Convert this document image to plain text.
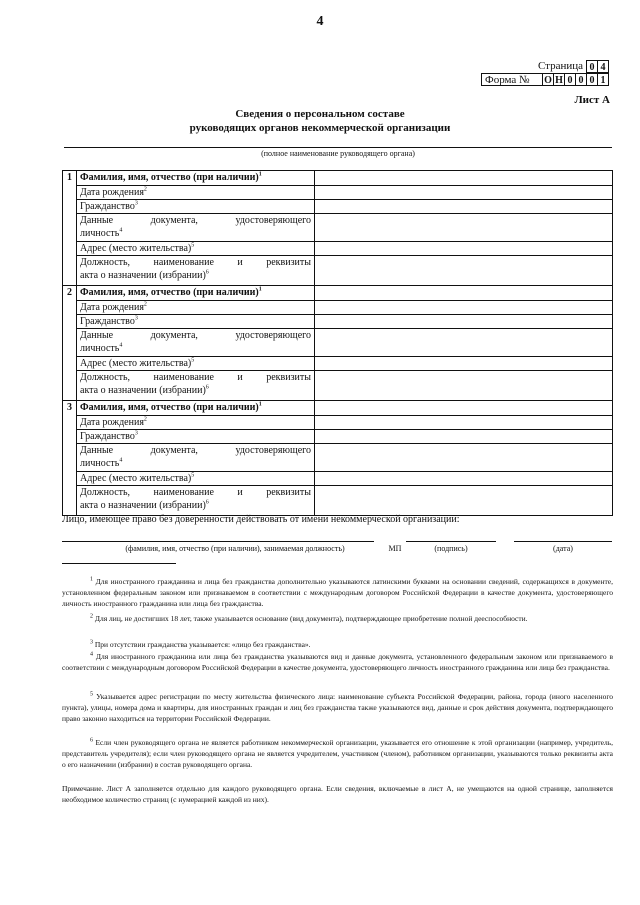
4
Страница 0 4
Форма №	О Н 0 0 0 1
Лист А
Сведения о персональном составе
руководящих органов некоммерческой организации
(полное наименование руководящего органа)
1	Фамилия, имя, отчество (при наличии)$^1$	
	Дата рождения$^2$	
	Гражданство$^3$	

	Данные документа, удостоверяющего
личность$^4$	
	Адрес (место жительства)$^5$	

	Должность, наименование и реквизиты
акта о назначении (избрании)$^6$	
2	Фамилия, имя, отчество (при наличии)$^1$	
	Дата рождения$^2$	
	Гражданство$^3$	

	Данные документа, удостоверяющего
личность$^4$	
	Адрес (место жительства)$^5$	

	Должность, наименование и реквизиты
акта о назначении (избрании)$^6$	
3	Фамилия, имя, отчество (при наличии)$^1$	
	Дата рождения$^2$	
	Гражданство$^3$	

	Данные документа, удостоверяющего
личность$^4$	
	Адрес (место жительства)$^5$	

	Должность, наименование и реквизиты
акта о назначении (избрании)$^6$	
Лицо, имеющее право без доверенности действовать от имени некоммерческой организации:
(фамилия, имя, отчество (при наличии), занимаемая должность)	МП	(подпись)	(дата)

$^1$ Для иностранного гражданина и лица без гражданства дополнительно указываются латинскими буквами на основании сведений, содержащихся в документе, установленном федеральным законом или признаваемом в соответствии с международным договором Российской Федерации в качестве документа, удостоверяющего личность иностранного гражданина или лица без гражданства.

$^2$ Для лиц, не достигших 18 лет, также указывается основание (вид документа), подтверждающее приобретение полной дееспособности.

$^3$ При отсутствии гражданства указывается: «лицо без гражданства».

$^4$ Для иностранного гражданина или лица без гражданства указываются вид и данные документа, установленного федеральным законом или признаваемого в соответствии с международным договором Российской Федерации в качестве документа, удостоверяющего личность иностранного гражданина или лица без гражданства.

$^5$ Указывается адрес регистрации по месту жительства физического лица: наименование субъекта Российской Федерации, района, города (иного населенного пункта), улицы, номера дома и квартиры, для иностранных граждан и лиц без гражданства также указываются вид, данные и срок действия документа, подтверждающего право законно находиться на территории Российской Федерации.

$^6$ Если член руководящего органа не является работником некоммерческой организации, указывается его отношение к этой организации (например, учредитель, представитель учредителя); если член руководящего органа не является учредителем, участником (членом), работником организации, указываются только реквизиты акта о его назначении (избрании) в состав руководящего органа.

Примечание. Лист А заполняется отдельно для каждого руководящего органа. Если сведения, включаемые в лист А, не умещаются на одной странице, заполняется необходимое количество страниц (с нумерацией каждой из них).
